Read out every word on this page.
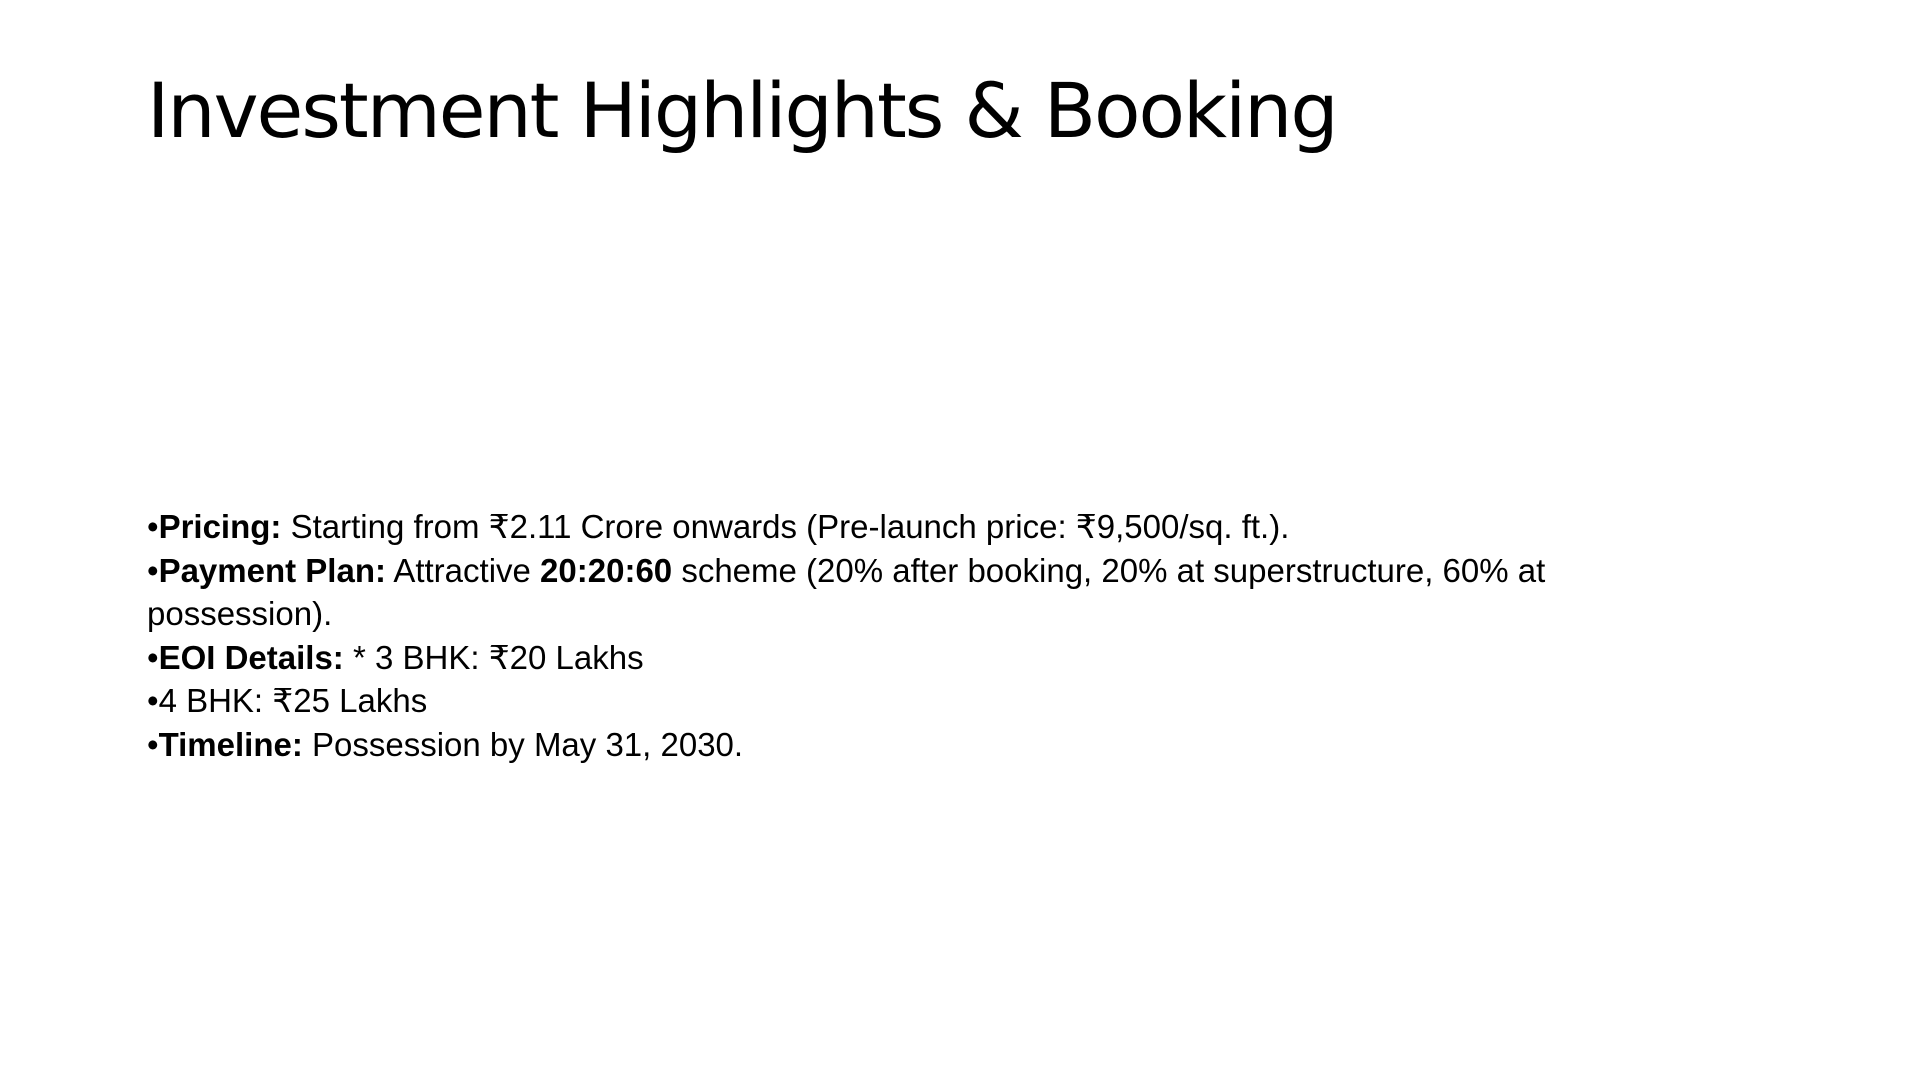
Investment Highlights & Booking

•Pricing: Starting from ₹2.11 Crore onwards (Pre-launch price: ₹9,500/sq. ft.).

•Payment Plan: Attractive 20:20:60 scheme (20% after booking, 20% at superstructure, 60% at possession).

•EOI Details: * 3 BHK: ₹20 Lakhs

•4 BHK: ₹25 Lakhs

•Timeline: Possession by May 31, 2030.
